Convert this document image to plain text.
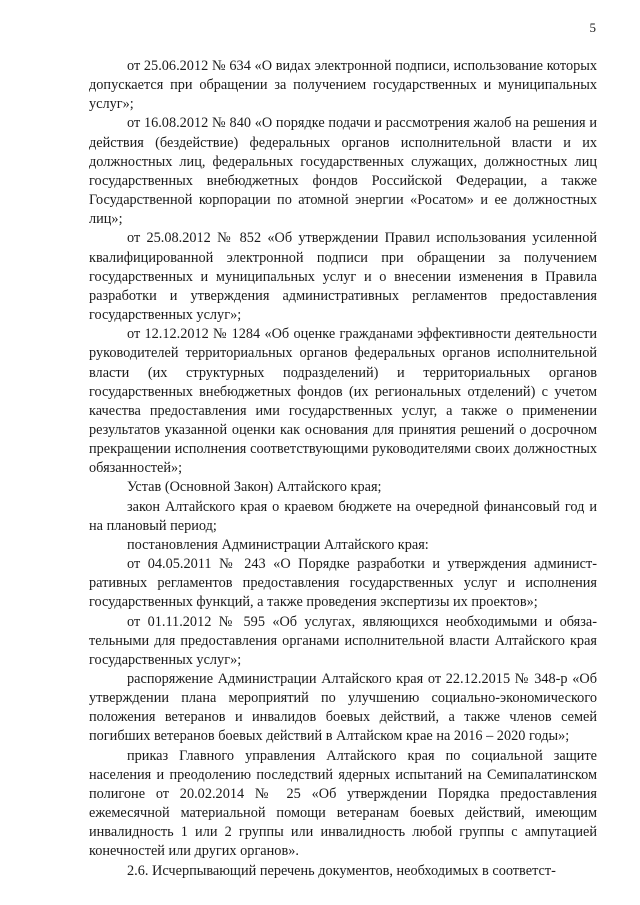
5

от 25.06.2012 № 634 «О видах электронной подписи, использование которых допускается при обращении за получением государственных и муниципальных услуг»;

от 16.08.2012 № 840 «О порядке подачи и рассмотрения жалоб на решения и действия (бездействие) федеральных органов исполнительной власти и их должностных лиц, федеральных государственных служащих, должностных лиц государственных внебюджетных фондов Российской Федерации, а также Государственной корпорации по атомной энергии «Росатом» и ее должностных лиц»;

от 25.08.2012 № 852 «Об утверждении Правил использования усиленной квалифицированной электронной подписи при обращении за получением государственных и муниципальных услуг и о внесении изменения в Правила разработки и утверждения административных регламентов предоставления государственных услуг»;

от 12.12.2012 № 1284 «Об оценке гражданами эффективности деятельности руководителей территориальных органов федеральных органов исполнительной власти (их структурных подразделений) и территориальных органов государственных внебюджетных фондов (их региональных отделений) с учетом качества предоставления ими государственных услуг, а также о применении результатов указанной оценки как основания для принятия решений о досрочном прекращении исполнения соответствующими руководителями своих должностных обязанностей»;

Устав (Основной Закон) Алтайского края;

закон Алтайского края о краевом бюджете на очередной финансовый год и на плановый период;

постановления Администрации Алтайского края:

от 04.05.2011 № 243 «О Порядке разработки и утверждения административных регламентов предоставления государственных услуг и исполнения государственных функций, а также проведения экспертизы их проектов»;

от 01.11.2012 № 595 «Об услугах, являющихся необходимыми и обязательными для предоставления органами исполнительной власти Алтайского края государственных услуг»;

распоряжение Администрации Алтайского края от 22.12.2015 № 348-р «Об утверждении плана мероприятий по улучшению социально-экономического положения ветеранов и инвалидов боевых действий, а также членов семей погибших ветеранов боевых действий в Алтайском крае на 2016 – 2020 годы»;

приказ Главного управления Алтайского края по социальной защите населения и преодолению последствий ядерных испытаний на Семипалатинском полигоне от 20.02.2014 № 25 «Об утверждении Порядка предоставления ежемесячной материальной помощи ветеранам боевых действий, имеющим инвалидность 1 или 2 группы или инвалидность любой группы с ампутацией конечностей или других органов».

2.6. Исчерпывающий перечень документов, необходимых в соответст-
